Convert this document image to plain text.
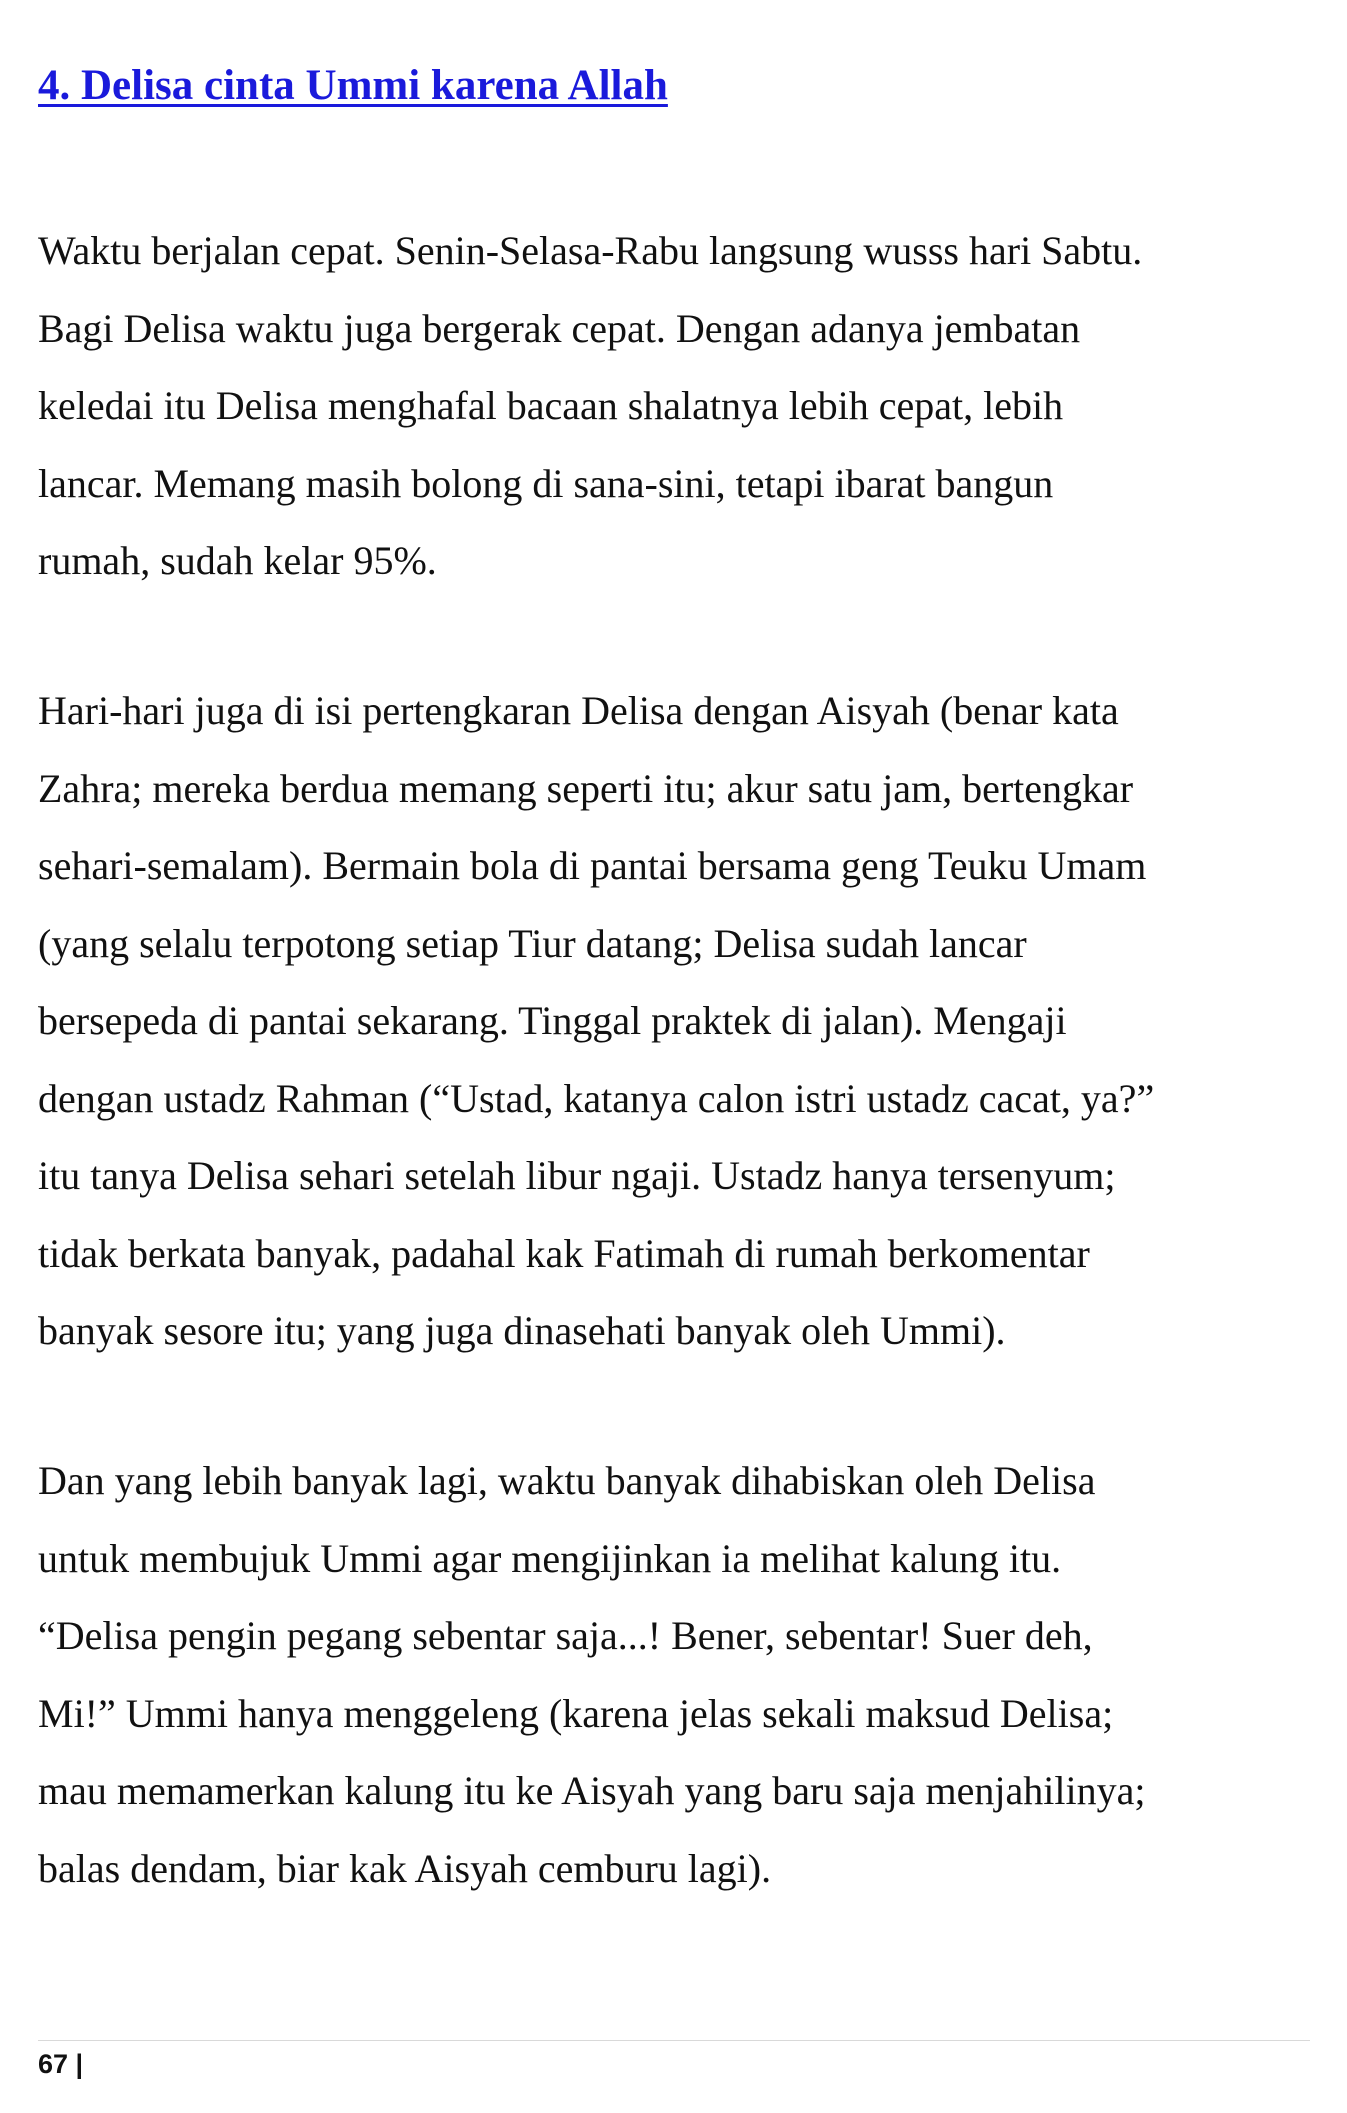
4. Delisa cinta Ummi karena Allah

Waktu berjalan cepat. Senin-Selasa-Rabu langsung wusss hari Sabtu.
Bagi Delisa waktu juga bergerak cepat. Dengan adanya jembatan
keledai itu Delisa menghafal bacaan shalatnya lebih cepat, lebih
lancar. Memang masih bolong di sana-sini, tetapi ibarat bangun
rumah, sudah kelar 95%.

Hari-hari juga di isi pertengkaran Delisa dengan Aisyah (benar kata
Zahra; mereka berdua memang seperti itu; akur satu jam, bertengkar
sehari-semalam). Bermain bola di pantai bersama geng Teuku Umam
(yang selalu terpotong setiap Tiur datang; Delisa sudah lancar
bersepeda di pantai sekarang. Tinggal praktek di jalan). Mengaji
dengan ustadz Rahman (“Ustad, katanya calon istri ustadz cacat, ya?”
itu tanya Delisa sehari setelah libur ngaji. Ustadz hanya tersenyum;
tidak berkata banyak, padahal kak Fatimah di rumah berkomentar
banyak sesore itu; yang juga dinasehati banyak oleh Ummi).

Dan yang lebih banyak lagi, waktu banyak dihabiskan oleh Delisa
untuk membujuk Ummi agar mengijinkan ia melihat kalung itu.
“Delisa pengin pegang sebentar saja...! Bener, sebentar! Suer deh,
Mi!” Ummi hanya menggeleng (karena jelas sekali maksud Delisa;
mau memamerkan kalung itu ke Aisyah yang baru saja menjahilinya;
balas dendam, biar kak Aisyah cemburu lagi).

67 |
